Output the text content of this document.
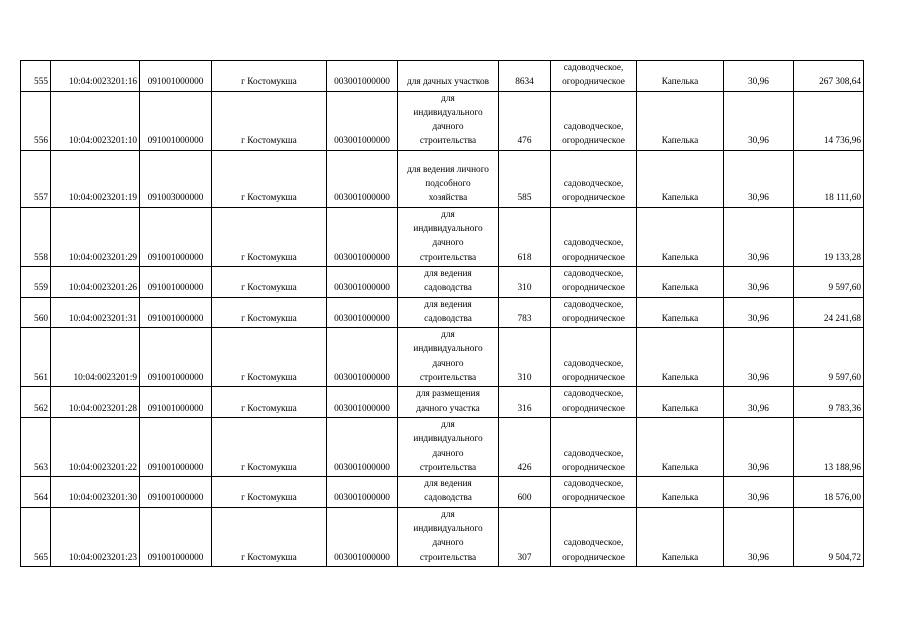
555	10:04:0023201:16	091001000000	г Костомукша	003001000000	для дачных участков	8634	садоводческое,
огородническое	Капелька	30,96	267 308,64
556	10:04:0023201:10	091001000000	г Костомукша	003001000000	для
индивидуального
дачного
строительства	476	садоводческое,
огородническое	Капелька	30,96	14 736,96
557	10:04:0023201:19	091003000000	г Костомукша	003001000000	для ведения личного
подсобного
хозяйства	585	садоводческое,
огородническое	Капелька	30,96	18 111,60
558	10:04:0023201:29	091001000000	г Костомукша	003001000000	для
индивидуального
дачного
строительства	618	садоводческое,
огородническое	Капелька	30,96	19 133,28
559	10:04:0023201:26	091001000000	г Костомукша	003001000000	для ведения
садоводства	310	садоводческое,
огородническое	Капелька	30,96	9 597,60
560	10:04:0023201:31	091001000000	г Костомукша	003001000000	для ведения
садоводства	783	садоводческое,
огородническое	Капелька	30,96	24 241,68
561	10:04:0023201:9	091001000000	г Костомукша	003001000000	для
индивидуального
дачного
строительства	310	садоводческое,
огородническое	Капелька	30,96	9 597,60
562	10:04:0023201:28	091001000000	г Костомукша	003001000000	для размещения
дачного участка	316	садоводческое,
огородническое	Капелька	30,96	9 783,36
563	10:04:0023201:22	091001000000	г Костомукша	003001000000	для
индивидуального
дачного
строительства	426	садоводческое,
огородническое	Капелька	30,96	13 188,96
564	10:04:0023201:30	091001000000	г Костомукша	003001000000	для ведения
садоводства	600	садоводческое,
огородническое	Капелька	30,96	18 576,00
565	10:04:0023201:23	091001000000	г Костомукша	003001000000	для
индивидуального
дачного
строительства	307	садоводческое,
огородническое	Капелька	30,96	9 504,72
